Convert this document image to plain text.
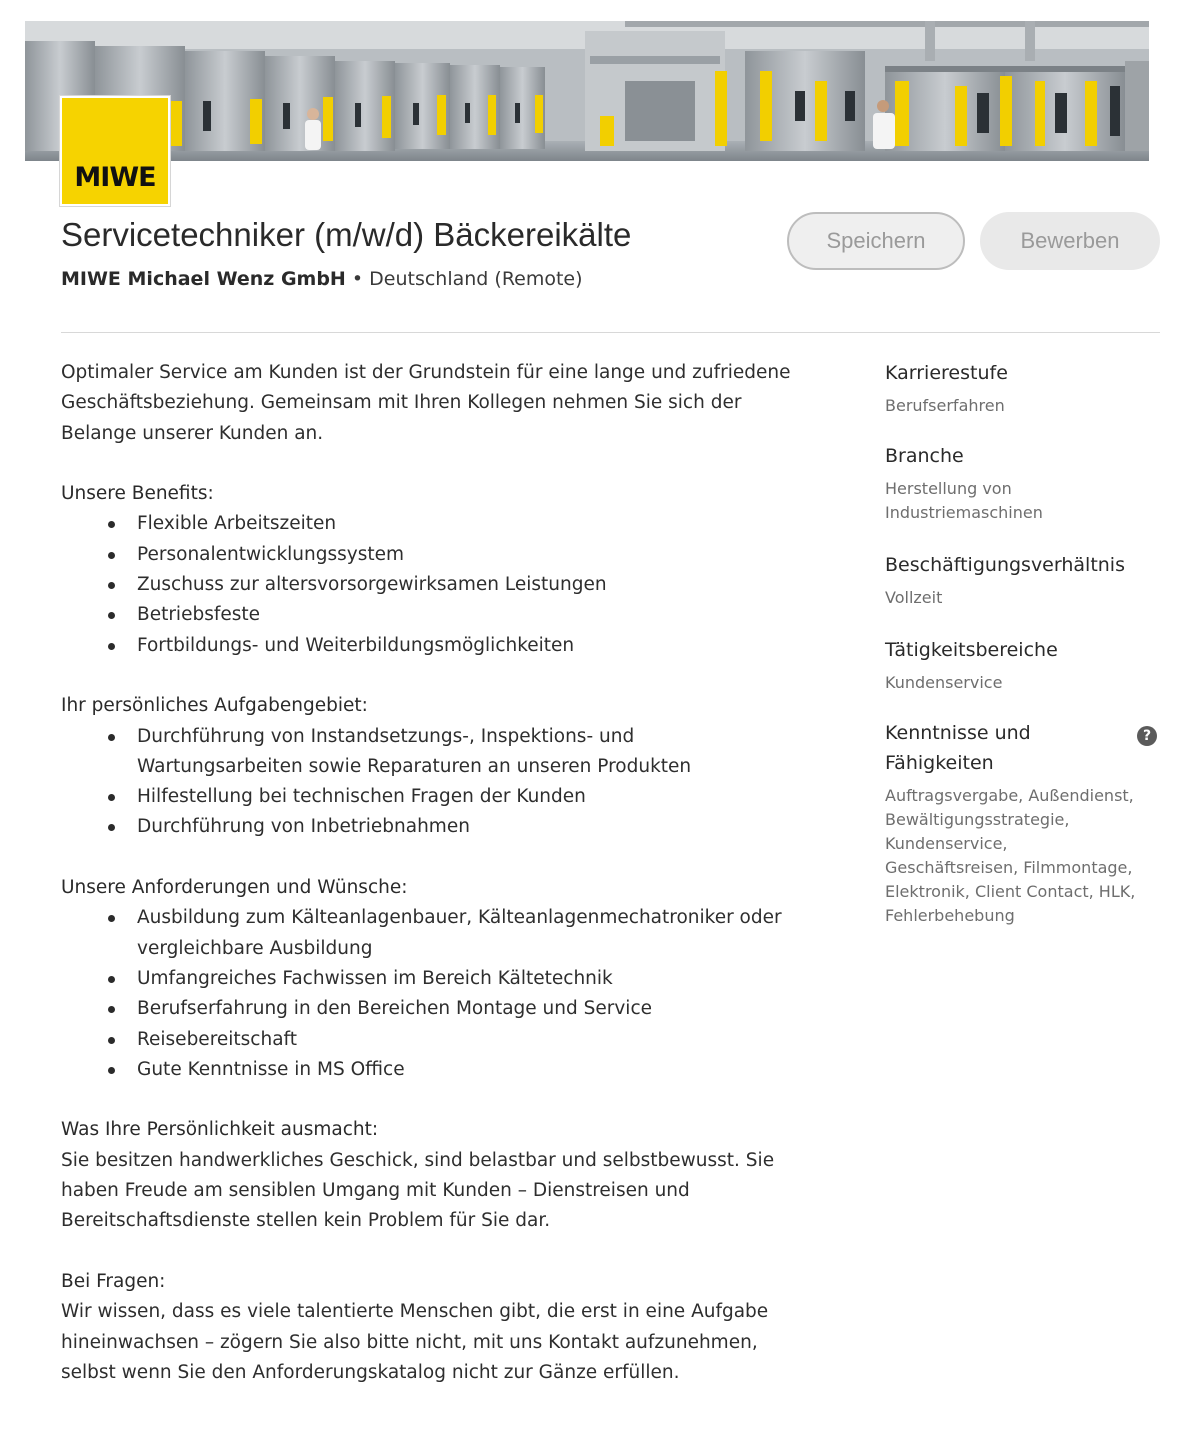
MIWE
Servicetechniker (m/w/d) Bäckereikälte
MIWE Michael Wenz GmbH • Deutschland (Remote)
Speichern	Bewerben

Optimaler Service am Kunden ist der Grundstein für eine lange und zufriedene Geschäftsbeziehung. Gemeinsam mit Ihren Kollegen nehmen Sie sich der Belange unserer Kunden an.

Unsere Benefits:
Flexible Arbeitszeiten
Personalentwicklungssystem
Zuschuss zur altersvorsorgewirksamen Leistungen
Betriebsfeste
Fortbildungs- und Weiterbildungsmöglichkeiten
Ihr persönliches Aufgabengebiet:
Durchführung von Instandsetzungs-, Inspektions- und Wartungsarbeiten sowie Reparaturen an unseren Produkten
Hilfestellung bei technischen Fragen der Kunden
Durchführung von Inbetriebnahmen
Unsere Anforderungen und Wünsche:
Ausbildung zum Kälteanlagenbauer, Kälteanlagenmechatroniker oder vergleichbare Ausbildung
Umfangreiches Fachwissen im Bereich Kältetechnik
Berufserfahrung in den Bereichen Montage und Service
Reisebereitschaft
Gute Kenntnisse in MS Office
Was Ihre Persönlichkeit ausmacht:

Sie besitzen handwerkliches Geschick, sind belastbar und selbstbewusst. Sie haben Freude am sensiblen Umgang mit Kunden – Dienstreisen und Bereitschaftsdienste stellen kein Problem für Sie dar.

Bei Fragen:

Wir wissen, dass es viele talentierte Menschen gibt, die erst in eine Aufgabe hineinwachsen – zögern Sie also bitte nicht, mit uns Kontakt aufzunehmen, selbst wenn Sie den Anforderungskatalog nicht zur Gänze erfüllen.

Karrierestufe
Berufserfahren
Branche
Herstellung von Industriemaschinen
Beschäftigungsverhältnis
Vollzeit
Tätigkeitsbereiche
Kundenservice
Kenntnisse und Fähigkeiten
?
Auftragsvergabe, Außendienst, Bewältigungsstrategie, Kundenservice, Geschäftsreisen, Filmmontage, Elektronik, Client Contact, HLK, Fehlerbehebung
